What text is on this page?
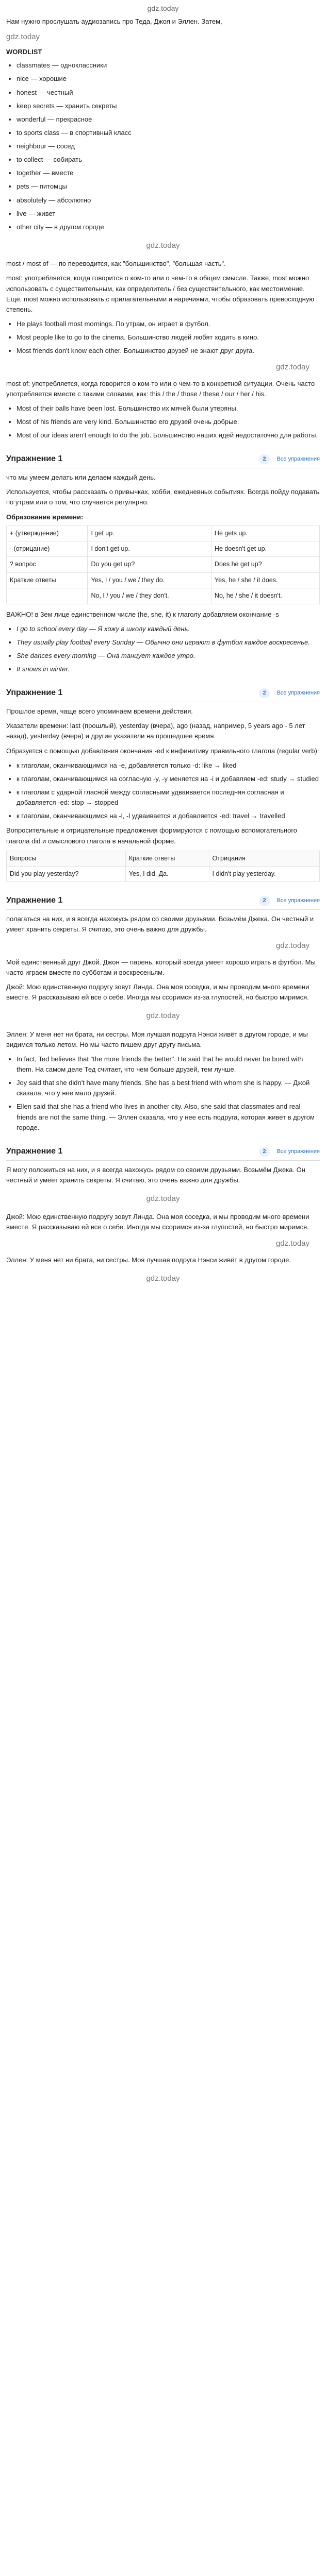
gdz.today

Нам нужно прослушать аудиозапись про Теда, Джоя и Эллен. Затем,

gdz.today
WORDLIST
• classmates — одноклассники
• nice — хорошие
• honest — честный
• keep secrets — хранить секреты
• wonderful — прекрасное
• to sports class — в спортивный класс
• neighbour — сосед
• to collect — собирать
• together — вместе
• pets — питомцы
• absolutely — абсолютно
• live — живет
• other city — в другом городе
gdz.today

most / most of — по переводится, как "большинство", "большая часть".

most: употребляется, когда говорится о ком-то или о чем-то в общем смысле. Также, most можно использовать с существительным, как определитель / без существительного, как местоимение. Ещё, most можно использовать с прилагательными и наречиями, чтобы образовать превосходную степень.

• He plays football most mornings. По утрам, он играет в футбол.
• Most people like to go to the cinema. Большинство людей любят ходить в кино.
• Most friends don't know each other. Большинство друзей не знают друг друга.
gdz.today

most of: употребляется, когда говорится о ком-то или о чем-то в конкретной ситуации. Очень часто употребляется вместе с такими словами, как: this / the / those / these / our / her / his.

• Most of their balls have been lost. Большинство их мячей были утеряны.
• Most of his friends are very kind. Большинство его друзей очень добрые.
• Most of our ideas aren't enough to do the job. Большинство наших идей недостаточно для работы.
Упражнение 1	2	Все упражнения

что мы умеем делать или делаем каждый день.

Используется, чтобы рассказать о привычках, хобби, ежедневных событиях. Всегда пойду подавать по утрам или о том, что случается регулярно.

Образование времени:
+ (утверждение)	I get up.	He gets up.
- (отрицание)	I don't get up.	He doesn't get up.
? вопрос	Do you get up?	Does he get up?
Краткие ответы	Yes, I / you / we / they do.	Yes, he / she / it does.
	No, I / you / we / they don't.	No, he / she / it doesn't.

ВАЖНО! в 3ем лице единственном числе (he, she, it) к глаголу добавляем окончание -s

• I go to school every day — Я хожу в школу каждый день.
• They usually play football every Sunday — Обычно они играют в футбол каждое воскресенье.
• She dances every morning — Она танцует каждое утро.
• It snows in winter.
Упражнение 1	2	Все упражнения

Прошлое время, чаще всего упоминаем времени действия.

Указатели времени: last (прошлый), yesterday (вчера), ago (назад, например, 5 years ago - 5 лет назад), yesterday (вчера) и другие указатели на прошедшее время.

Образуется с помощью добавления окончания -ed к инфинитиву правильного глагола (regular verb):

• к глаголам, оканчивающимся на -e, добавляется только -d: like → liked
• к глаголам, оканчивающимся на согласную -y, -y меняется на -i и добавляем -ed: study → studied
• к глаголам с ударной гласной между согласными удваивается последняя согласная и добавляется -ed: stop → stopped
• к глаголам, оканчивающимся на -l, -l удваивается и добавляется -ed: travel → travelled

Вопросительные и отрицательные предложения формируются с помощью вспомогательного глагола did и смыслового глагола в начальной форме.

Вопросы	Краткие ответы	Отрицания
Did you play yesterday?	Yes, I did. Да.	I didn't play yesterday.
Упражнение 1	2	Все упражнения

полагаться на них, и я всегда нахожусь рядом со своими друзьями. Возьмём Джека. Он честный и умеет хранить секреты. Я считаю, это очень важно для дружбы.

gdz.today

Мой единственный друг Джой. Джон — парень, который всегда умеет хорошо играть в футбол. Мы часто играем вместе по субботам и воскресеньям.

Джой: Мою единственную подругу зовут Линда. Она моя соседка, и мы проводим много времени вместе. Я рассказываю ей все о себе. Иногда мы ссоримся из-за глупостей, но быстро миримся.

gdz.today

Эллен: У меня нет ни брата, ни сестры. Моя лучшая подруга Нэнси живёт в другом городе, и мы видимся только летом. Но мы часто пишем друг другу письма.

• In fact, Ted believes that "the more friends the better". He said that he would never be bored with them. На самом деле Тед считает, что чем больше друзей, тем лучше.
• Joy said that she didn't have many friends. She has a best friend with whom she is happy. — Джой сказала, что у нее мало друзей.
• Ellen said that she has a friend who lives in another city. Also, she said that classmates and real friends are not the same thing. — Эллен сказала, что у нее есть подруга, которая живет в другом городе.
Упражнение 1	2	Все упражнения

Я могу положиться на них, и я всегда нахожусь рядом со своими друзьями. Возьмём Джека. Он честный и умеет хранить секреты. Я считаю, это очень важно для дружбы.

gdz.today

Джой: Мою единственную подругу зовут Линда. Она моя соседка, и мы проводим много времени вместе. Я рассказываю ей все о себе. Иногда мы ссоримся из-за глупостей, но быстро миримся.

gdz.today

Эллен: У меня нет ни брата, ни сестры. Моя лучшая подруга Нэнси живёт в другом городе.

gdz.today
